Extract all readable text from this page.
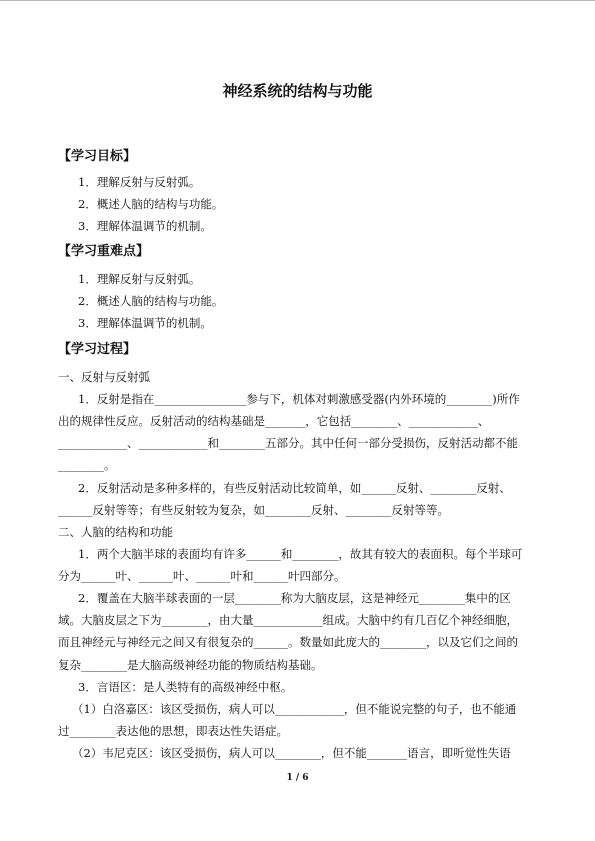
神经系统的结构与功能
【学习目标】
1．理解反射与反射弧。
2．概述人脑的结构与功能。
3．理解体温调节的机制。
【学习重难点】
1．理解反射与反射弧。
2．概述人脑的结构与功能。
3．理解体温调节的机制。
【学习过程】
一、反射与反射弧
1．反射是指在________________参与下，机体对刺激感受器(内外环境的________)所作
出的规律性反应。反射活动的结构基础是_______，它包括________、____________、
____________、____________和________五部分。其中任何一部分受损伤，反射活动都不能
________。
2．反射活动是多种多样的，有些反射活动比较简单，如______反射、________反射、
______反射等等；有些反射较为复杂，如________反射、________反射等等。
二、人脑的结构和功能
1．两个大脑半球的表面均有许多______和________，故其有较大的表面积。每个半球可
分为______叶、______叶、______叶和______叶四部分。
2．覆盖在大脑半球表面的一层________称为大脑皮层，这是神经元________集中的区
域。大脑皮层之下为________，由大量____________组成。大脑中约有几百亿个神经细胞，
而且神经元与神经元之间又有很复杂的______。数量如此庞大的________，以及它们之间的
复杂________是大脑高级神经功能的物质结构基础。
3．言语区：是人类特有的高级神经中枢。
（1）白洛嘉区：该区受损伤，病人可以____________，但不能说完整的句子，也不能通
过________表达他的思想，即表达性失语症。
（2）韦尼克区：该区受损伤，病人可以________，但不能_______语言，即听觉性失语
1 / 6
